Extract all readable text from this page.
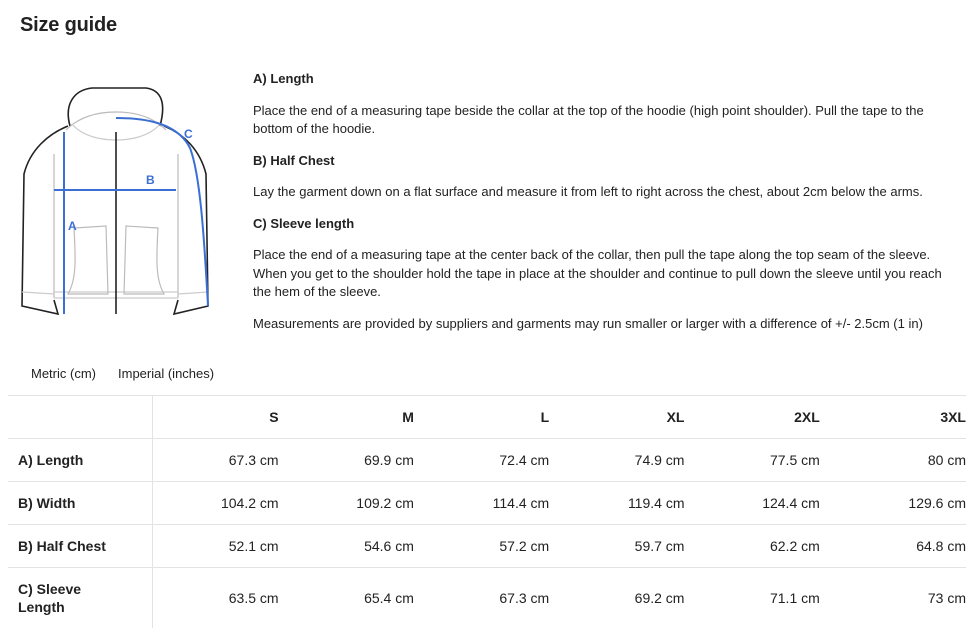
Size guide
A
B
C
A) Length
Place the end of a measuring tape beside the collar at the top of the hoodie (high point shoulder). Pull the tape to the bottom of the hoodie.
B) Half Chest
Lay the garment down on a flat surface and measure it from left to right across the chest, about 2cm below the arms.
C) Sleeve length
Place the end of a measuring tape at the center back of the collar, then pull the tape along the top seam of the sleeve. When you get to the shoulder hold the tape in place at the shoulder and continue to pull down the sleeve until you reach the hem of the sleeve.
Measurements are provided by suppliers and garments may run smaller or larger with a difference of +/- 2.5cm (1 in)
Metric (cm)	Imperial (inches)
	S	M	L	XL	2XL	3XL
A) Length	67.3 cm	69.9 cm	72.4 cm	74.9 cm	77.5 cm	80 cm
B) Width	104.2 cm	109.2 cm	114.4 cm	119.4 cm	124.4 cm	129.6 cm
B) Half Chest	52.1 cm	54.6 cm	57.2 cm	59.7 cm	62.2 cm	64.8 cm
C) Sleeve Length	63.5 cm	65.4 cm	67.3 cm	69.2 cm	71.1 cm	73 cm
